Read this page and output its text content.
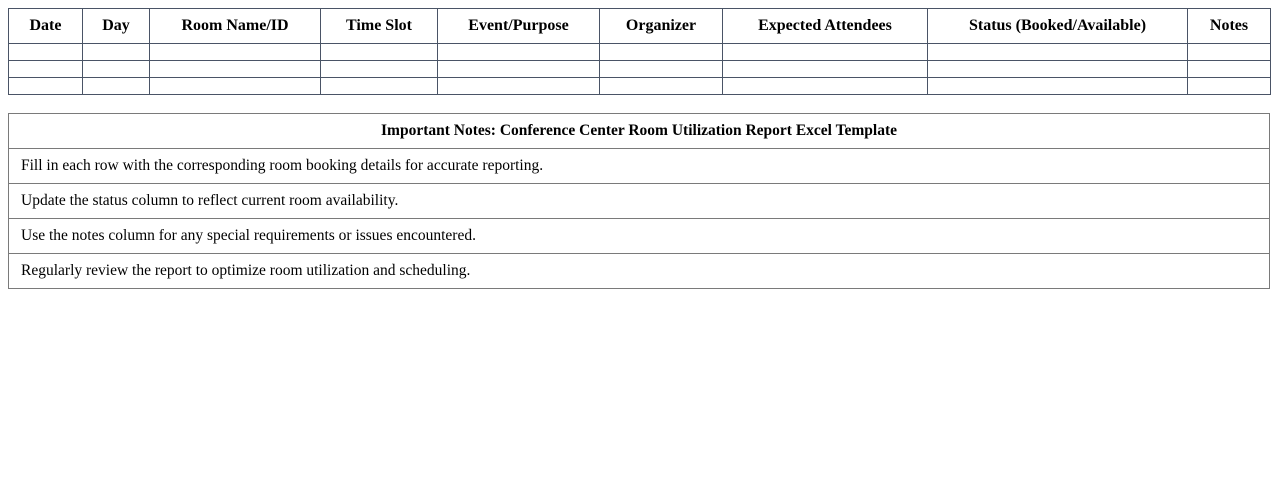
Date	Day	Room Name/ID	Time Slot	Event/Purpose	Organizer	Expected Attendees	Status (Booked/Available)	Notes

Important Notes: Conference Center Room Utilization Report Excel Template
Fill in each row with the corresponding room booking details for accurate reporting.
Update the status column to reflect current room availability.
Use the notes column for any special requirements or issues encountered.
Regularly review the report to optimize room utilization and scheduling.
